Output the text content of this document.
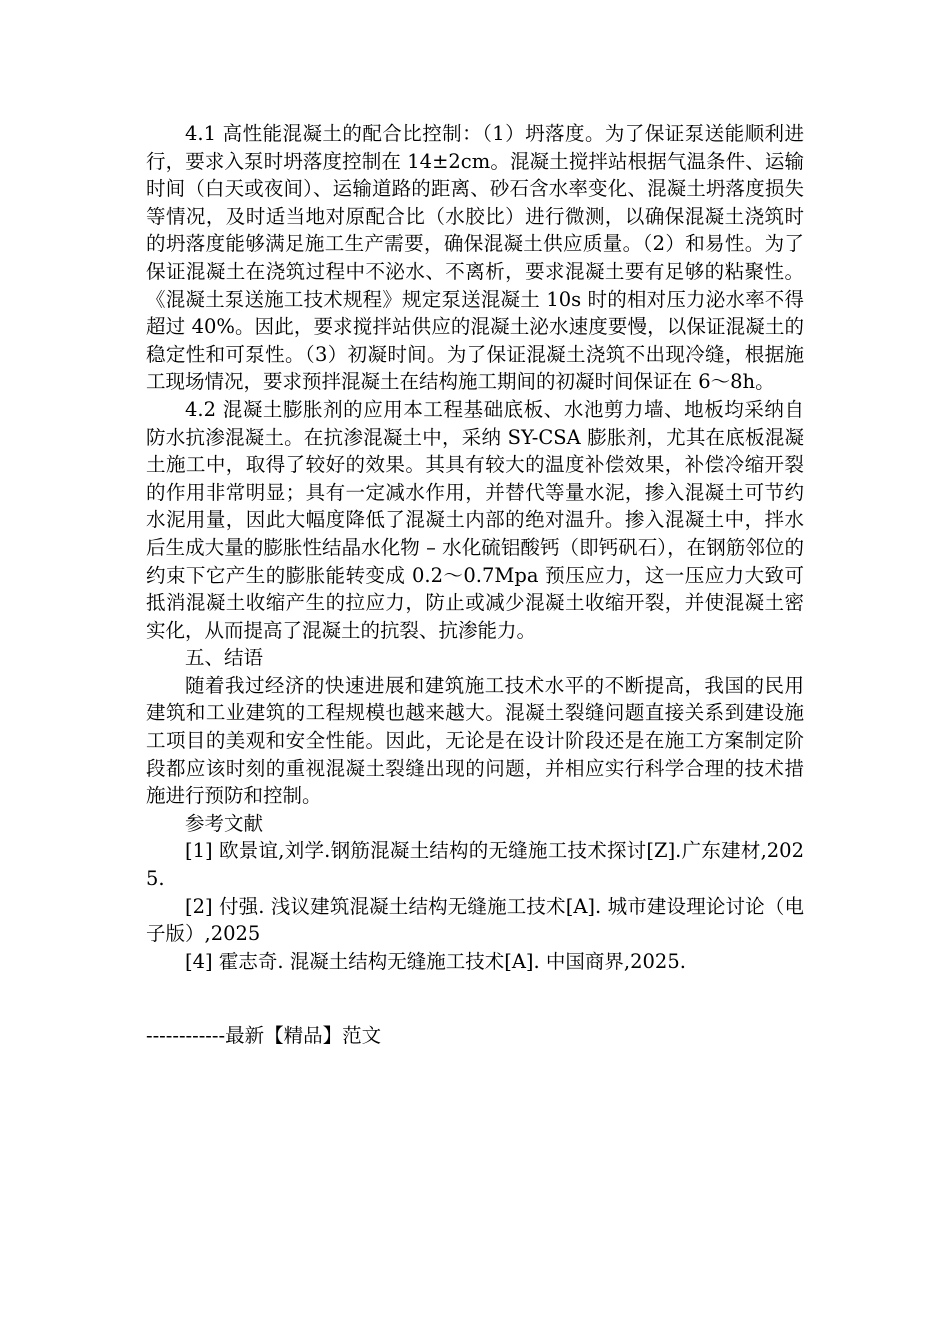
4.1 高性能混凝土的配合比控制：（1）坍落度。为了保证泵送能顺利进行，要求入泵时坍落度控制在 14±2cm。混凝土搅拌站根据气温条件、运输时间（白天或夜间）、运输道路的距离、砂石含水率变化、混凝土坍落度损失等情况，及时适当地对原配合比（水胶比）进行微测，以确保混凝土浇筑时的坍落度能够满足施工生产需要，确保混凝土供应质量。（2）和易性。为了保证混凝土在浇筑过程中不泌水、不离析，要求混凝土要有足够的粘聚性。《混凝土泵送施工技术规程》规定泵送混凝土 10s 时的相对压力泌水率不得超过 40%。因此，要求搅拌站供应的混凝土泌水速度要慢，以保证混凝土的稳定性和可泵性。（3）初凝时间。为了保证混凝土浇筑不出现冷缝，根据施工现场情况，要求预拌混凝土在结构施工期间的初凝时间保证在 6～8h。

4.2 混凝土膨胀剂的应用本工程基础底板、水池剪力墙、地板均采纳自防水抗渗混凝土。在抗渗混凝土中，采纳 SY-CSA 膨胀剂，尤其在底板混凝土施工中，取得了较好的效果。其具有较大的温度补偿效果，补偿冷缩开裂的作用非常明显；具有一定减水作用，并替代等量水泥，掺入混凝土可节约水泥用量，因此大幅度降低了混凝土内部的绝对温升。掺入混凝土中，拌水后生成大量的膨胀性结晶水化物 – 水化硫铝酸钙（即钙矾石），在钢筋邻位的约束下它产生的膨胀能转变成 0.2～0.7Mpa 预压应力，这一压应力大致可抵消混凝土收缩产生的拉应力，防止或减少混凝土收缩开裂，并使混凝土密实化，从而提高了混凝土的抗裂、抗渗能力。

五、结语

随着我过经济的快速进展和建筑施工技术水平的不断提高，我国的民用建筑和工业建筑的工程规模也越来越大。混凝土裂缝问题直接关系到建设施工项目的美观和安全性能。因此，无论是在设计阶段还是在施工方案制定阶段都应该时刻的重视混凝土裂缝出现的问题，并相应实行科学合理的技术措施进行预防和控制。

参考文献

[1] 欧景谊,刘学.钢筋混凝土结构的无缝施工技术探讨[Z].广东建材,2025.

[2] 付强. 浅议建筑混凝土结构无缝施工技术[A]. 城市建设理论讨论（电子版）,2025

[4] 霍志奇. 混凝土结构无缝施工技术[A]. 中国商界,2025.

------------最新【精品】范文
